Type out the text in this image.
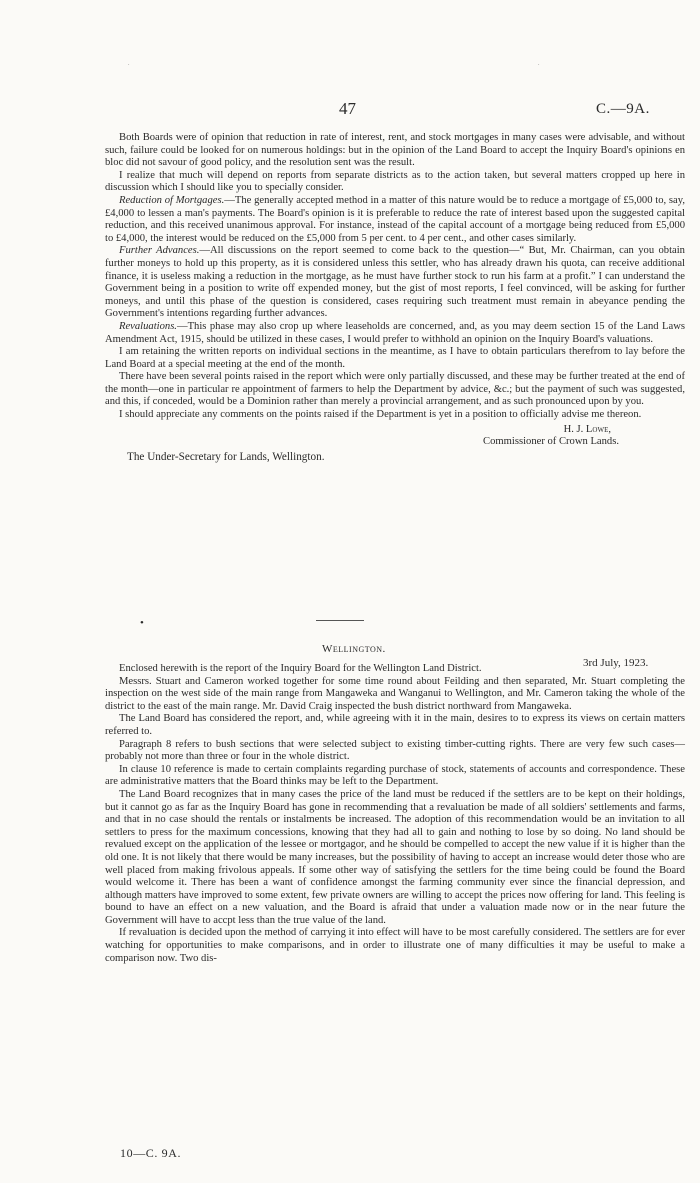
.	.
47	C.—9A.

Both Boards were of opinion that reduction in rate of interest, rent, and stock mortgages in many cases were advisable, and without such, failure could be looked for on numerous holdings: but in the opinion of the Land Board to accept the Inquiry Board's opinions en bloc did not savour of good policy, and the resolution sent was the result.

I realize that much will depend on reports from separate districts as to the action taken, but several matters cropped up here in discussion which I should like you to specially consider.

Reduction of Mortgages.—The generally accepted method in a matter of this nature would be to reduce a mortgage of £5,000 to, say, £4,000 to lessen a man's payments. The Board's opinion is it is preferable to reduce the rate of interest based upon the suggested capital reduction, and this received unanimous approval. For instance, instead of the capital account of a mortgage being reduced from £5,000 to £4,000, the interest would be reduced on the £5,000 from 5 per cent. to 4 per cent., and other cases similarly.

Further Advances.—All discussions on the report seemed to come back to the question—“ But, Mr. Chairman, can you obtain further moneys to hold up this property, as it is considered unless this settler, who has already drawn his quota, can receive additional finance, it is useless making a reduction in the mortgage, as he must have further stock to run his farm at a profit.” I can understand the Government being in a position to write off expended money, but the gist of most reports, I feel convinced, will be asking for further moneys, and until this phase of the question is considered, cases requiring such treatment must remain in abeyance pending the Government's intentions regarding further advances.

Revaluations.—This phase may also crop up where leaseholds are concerned, and, as you may deem section 15 of the Land Laws Amendment Act, 1915, should be utilized in these cases, I would prefer to withhold an opinion on the Inquiry Board's valuations.

I am retaining the written reports on individual sections in the meantime, as I have to obtain particulars therefrom to lay before the Land Board at a special meeting at the end of the month.

There have been several points raised in the report which were only partially discussed, and these may be further treated at the end of the month—one in particular re appointment of farmers to help the Department by advice, &c.; but the payment of such was suggested, and this, if conceded, would be a Dominion rather than merely a provincial arrangement, and as such pronounced upon by you.

I should appreciate any comments on the points raised if the Department is yet in a position to officially advise me thereon.

H. J. Lowe,
Commissioner of Crown Lands.

The Under-Secretary for Lands, Wellington.

•
Wellington.
3rd July, 1923.

Enclosed herewith is the report of the Inquiry Board for the Wellington Land District.

Messrs. Stuart and Cameron worked together for some time round about Feilding and then separated, Mr. Stuart completing the inspection on the west side of the main range from Mangaweka and Wanganui to Wellington, and Mr. Cameron taking the whole of the district to the east of the main range. Mr. David Craig inspected the bush district northward from Mangaweka.

The Land Board has considered the report, and, while agreeing with it in the main, desires to to express its views on certain matters referred to.

Paragraph 8 refers to bush sections that were selected subject to existing timber-cutting rights. There are very few such cases—probably not more than three or four in the whole district.

In clause 10 reference is made to certain complaints regarding purchase of stock, statements of accounts and correspondence. These are administrative matters that the Board thinks may be left to the Department.

The Land Board recognizes that in many cases the price of the land must be reduced if the settlers are to be kept on their holdings, but it cannot go as far as the Inquiry Board has gone in recommending that a revaluation be made of all soldiers' settlements and farms, and that in no case should the rentals or instalments be increased. The adoption of this recommendation would be an invitation to all settlers to press for the maximum concessions, knowing that they had all to gain and nothing to lose by so doing. No land should be revalued except on the application of the lessee or mortgagor, and he should be compelled to accept the new value if it is higher than the old one. It is not likely that there would be many increases, but the possibility of having to accept an increase would deter those who are well placed from making frivolous appeals. If some other way of satisfying the settlers for the time being could be found the Board would welcome it. There has been a want of confidence amongst the farming community ever since the financial depression, and although matters have improved to some extent, few private owners are willing to accept the prices now offering for land. This feeling is bound to have an effect on a new valuation, and the Board is afraid that under a valuation made now or in the near future the Government will have to accpt less than the true value of the land.

If revaluation is decided upon the method of carrying it into effect will have to be most carefully considered. The settlers are for ever watching for opportunities to make comparisons, and in order to illustrate one of many difficulties it may be useful to make a comparison now. Two dis-

10—C. 9A.
